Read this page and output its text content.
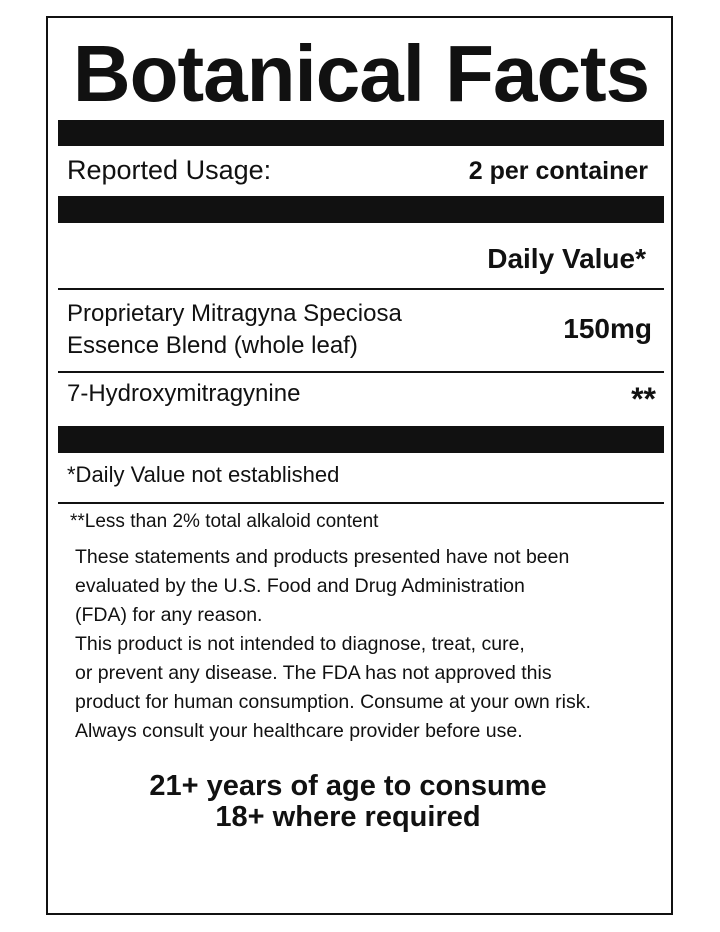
Botanical Facts
Reported Usage:	2 per container
Daily Value*
Proprietary Mitragyna Speciosa
Essence Blend (whole leaf)
150mg
7-Hydroxymitragynine	**
*Daily Value not established
**Less than 2% total alkaloid content
These statements and products presented have not been
evaluated by the U.S. Food and Drug Administration
(FDA) for any reason.
This product is not intended to diagnose, treat, cure,
or prevent any disease. The FDA has not approved this
product for human consumption. Consume at your own risk.
Always consult your healthcare provider before use.
21+ years of age to consume
18+ where required
